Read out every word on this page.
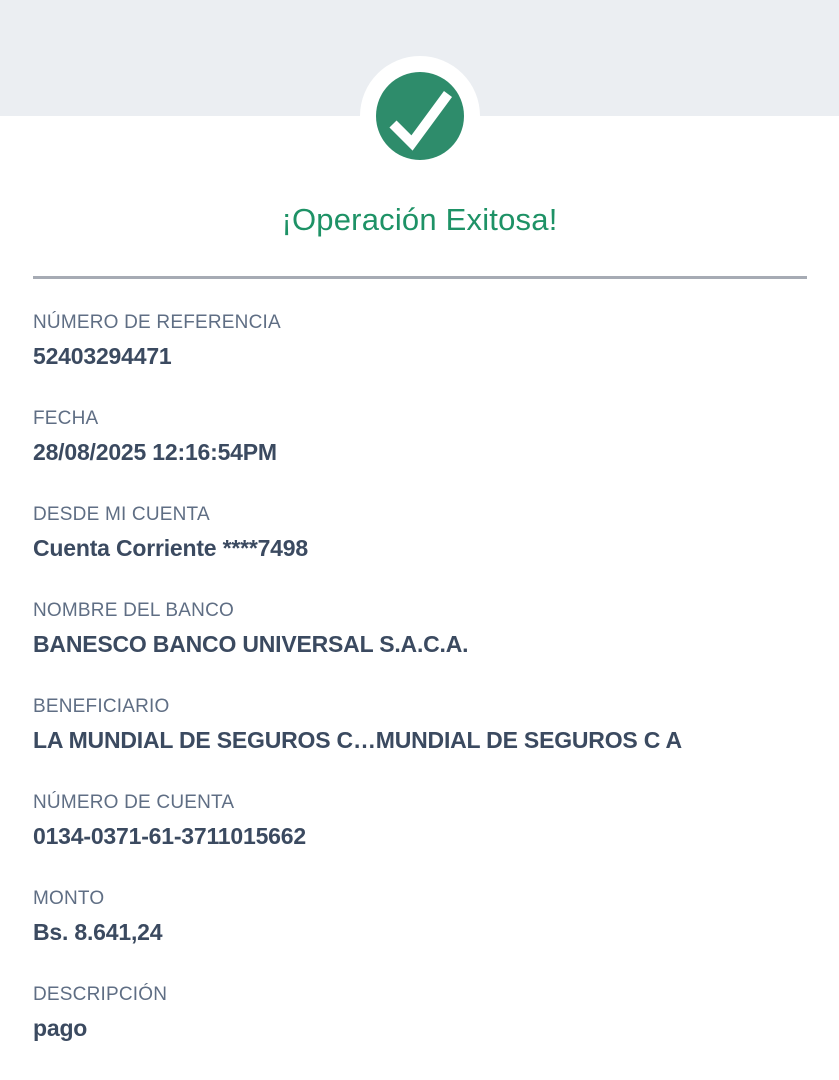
¡Operación Exitosa!
NÚMERO DE REFERENCIA
52403294471
FECHA
28/08/2025 12:16:54PM
DESDE MI CUENTA
Cuenta Corriente ****7498
NOMBRE DEL BANCO
BANESCO BANCO UNIVERSAL S.A.C.A.
BENEFICIARIO
LA MUNDIAL DE SEGUROS C…MUNDIAL DE SEGUROS C A
NÚMERO DE CUENTA
0134-0371-61-3711015662
MONTO
Bs. 8.641,24
DESCRIPCIÓN
pago
